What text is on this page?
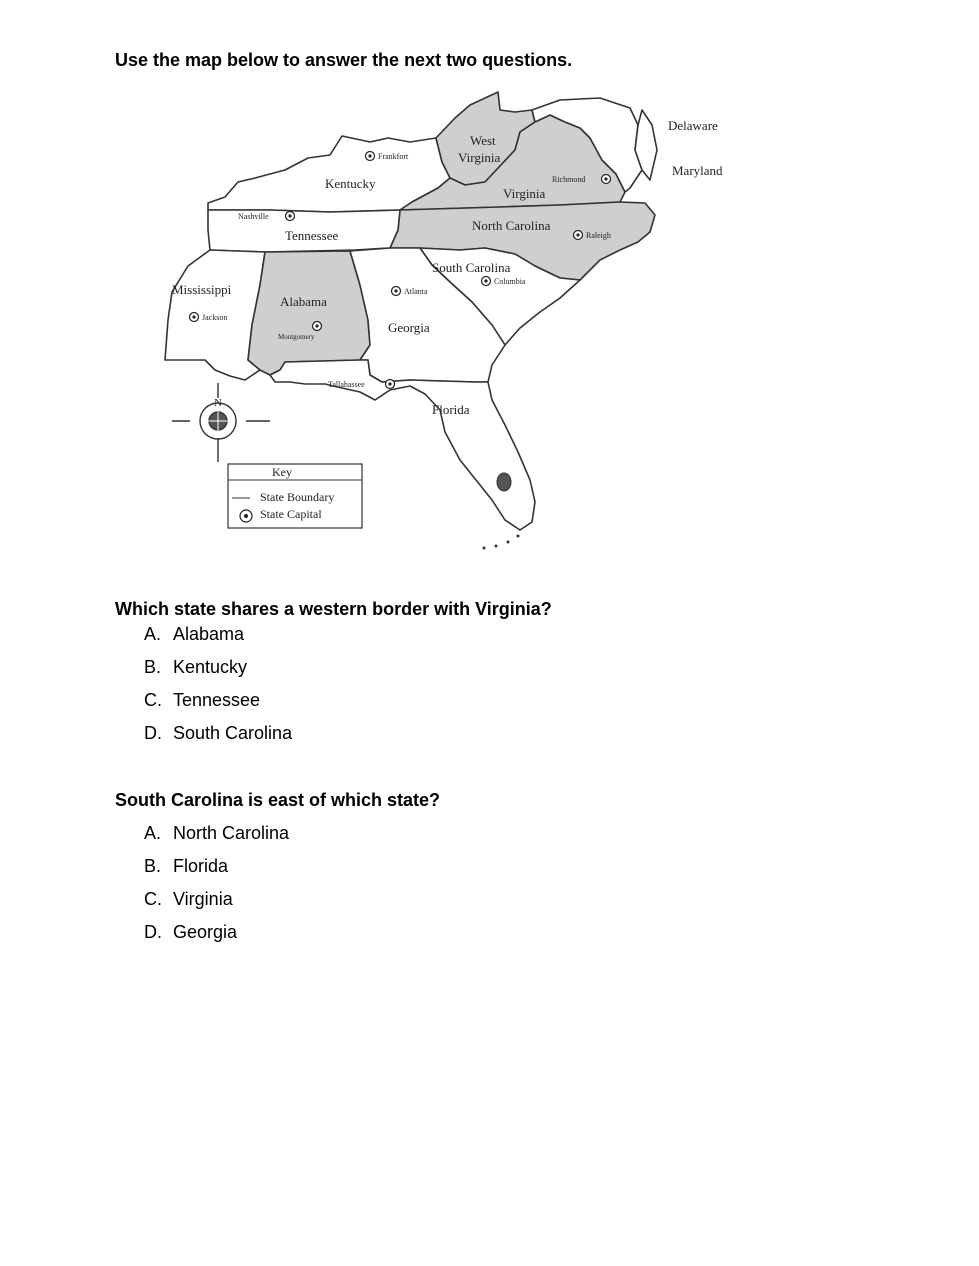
Use the map below to answer the next two questions.

Delaware
Maryland
West
Virginia
Kentucky
Virginia
North Carolina
Tennessee
South Carolina
Mississippi
Alabama
Georgia
Florida
Frankfort
Richmond
Nashville
Raleigh
Columbia
Atlanta
Jackson
Montgomery
Tallahassee
N
Key
State Boundary
State Capital

Which state shares a western border with Virginia?

A. Alabama
B. Kentucky
C. Tennessee
D. South Carolina

South Carolina is east of which state?

A. North Carolina
B. Florida
C. Virginia
D. Georgia
